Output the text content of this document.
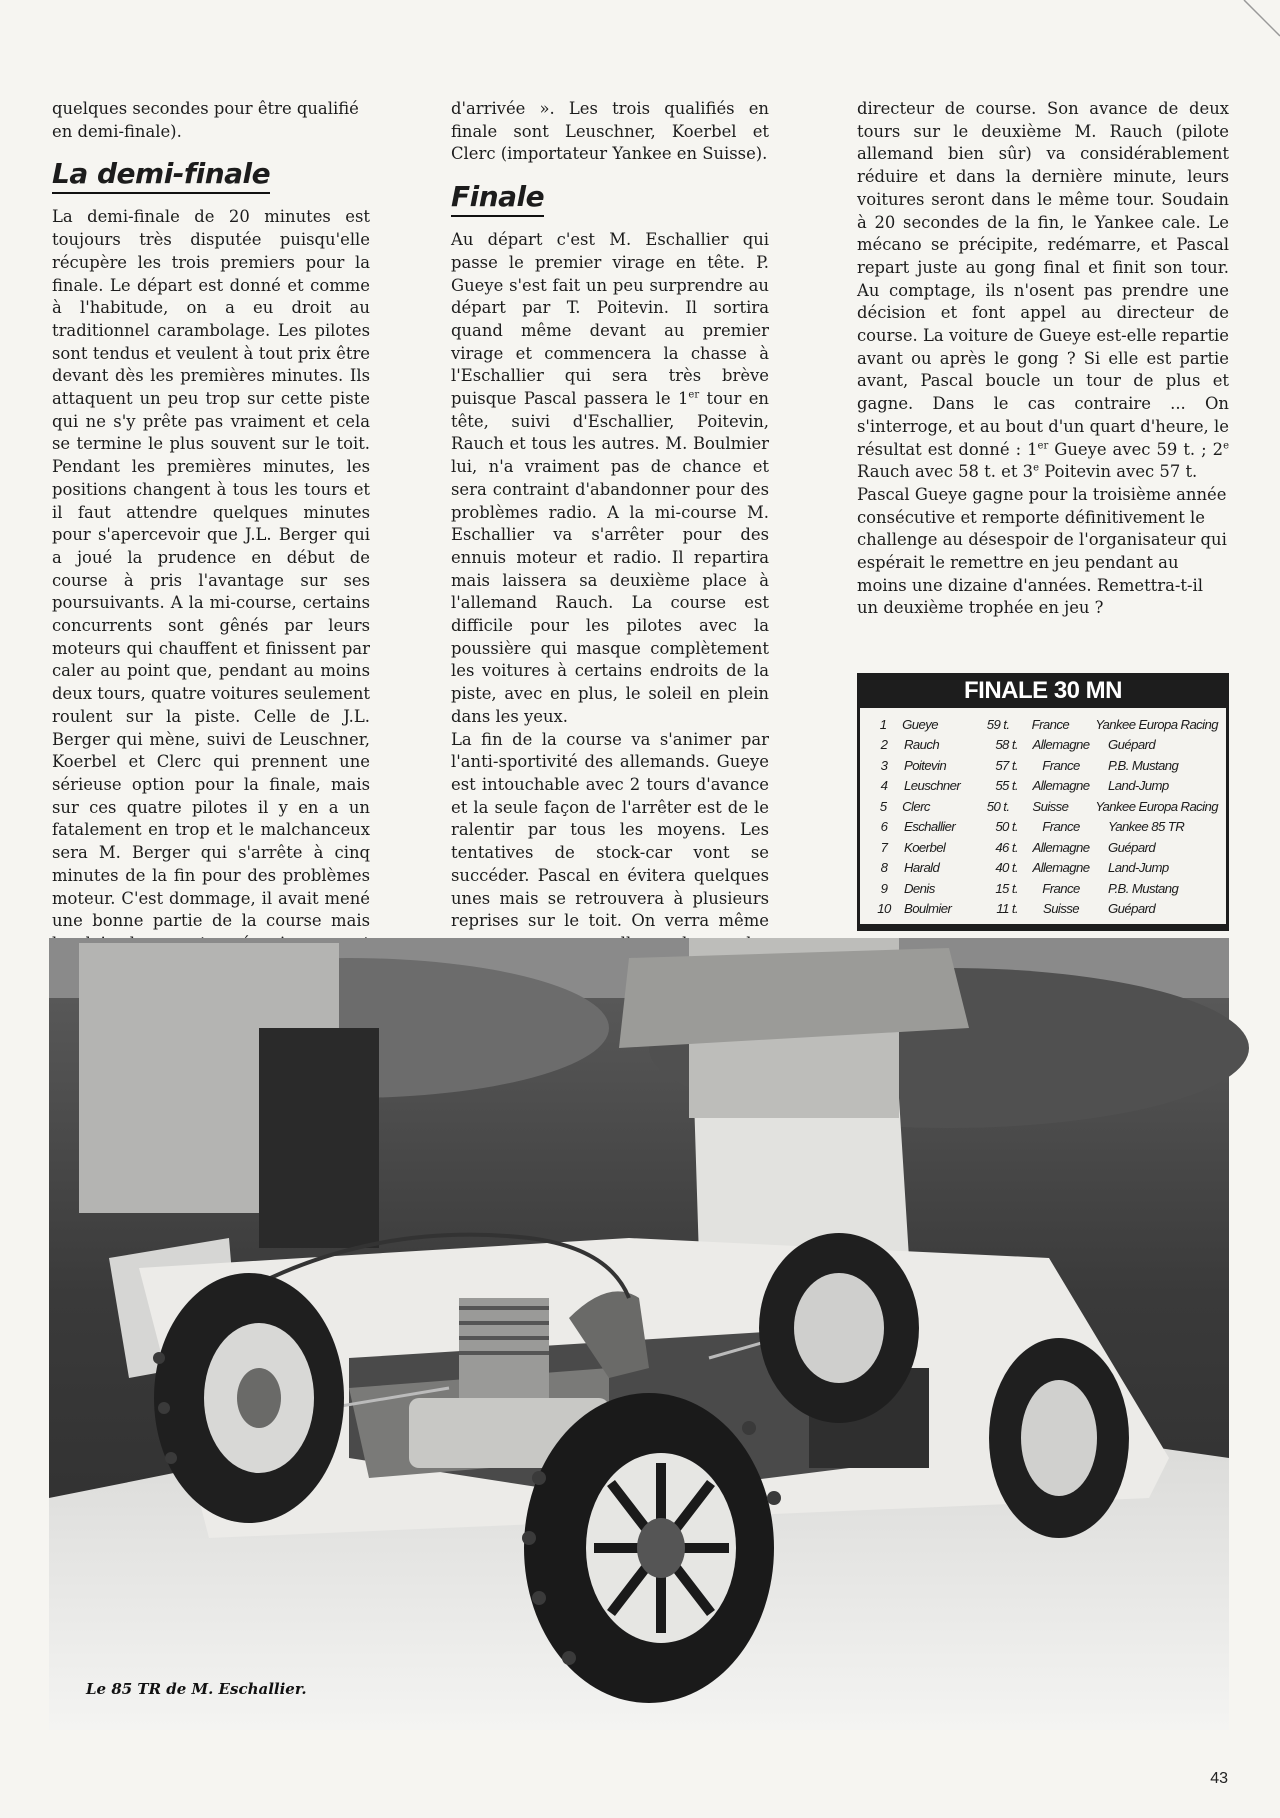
quelques secondes pour être qualifié en demi-finale).

La demi-finale

La demi-finale de 20 minutes est toujours très disputée puisqu'elle récupère les trois premiers pour la finale. Le départ est donné et comme à l'habitude, on a eu droit au traditionnel carambolage. Les pilotes sont tendus et veulent à tout prix être devant dès les premières minutes. Ils attaquent un peu trop sur cette piste qui ne s'y prête pas vraiment et cela se termine le plus souvent sur le toit. Pendant les premières minutes, les positions changent à tous les tours et il faut attendre quelques minutes pour s'apercevoir que J.L. Berger qui a joué la prudence en début de course à pris l'avantage sur ses poursuivants. A la mi-course, certains concurrents sont gênés par leurs moteurs qui chauffent et finissent par caler au point que, pendant au moins deux tours, quatre voitures seulement roulent sur la piste. Celle de J.L. Berger qui mène, suivi de Leuschner, Koerbel et Clerc qui prennent une sérieuse option pour la finale, mais sur ces quatre pilotes il y en a un fatalement en trop et le malchanceux sera M. Berger qui s'arrête à cinq minutes de la fin pour des problèmes moteur. C'est dommage, il avait mené une bonne partie de la course mais

d'arrivée ». Les trois qualifiés en finale sont Leuschner, Koerbel et Clerc (importateur Yankee en Suisse).

Finale

Au départ c'est M. Eschallier qui passe le premier virage en tête. P. Gueye s'est fait un peu surprendre au départ par T. Poitevin. Il sortira quand même devant au premier virage et commencera la chasse à l'Eschallier qui sera très brève puisque Pascal passera le 1er tour en tête, suivi d'Eschallier, Poitevin, Rauch et tous les autres. M. Boulmier lui, n'a vraiment pas de chance et sera contraint d'abandonner pour des problèmes radio. A la mi-course M. Eschallier va s'arrêter pour des ennuis moteur et radio. Il repartira mais laissera sa deuxième place à l'allemand Rauch. La course est difficile pour les pilotes avec la poussière qui masque complètement les voitures à certains endroits de la piste, avec en plus, le soleil en plein dans les yeux.

La fin de la course va s'animer par l'anti-sportivité des allemands. Gueye est intouchable avec 2 tours d'avance et la seule façon de l'arrêter est de le ralentir par tous les moyens. Les tentatives de stock-car vont se succéder. Pascal en évitera quelques unes mais se retrouvera à plusieurs reprises sur le toit. On verra même

directeur de course. Son avance de deux tours sur le deuxième M. Rauch (pilote allemand bien sûr) va considérablement réduire et dans la dernière minute, leurs voitures seront dans le même tour. Soudain à 20 secondes de la fin, le Yankee cale. Le mécano se précipite, redémarre, et Pascal repart juste au gong final et finit son tour. Au comptage, ils n'osent pas prendre une décision et font appel au directeur de course. La voiture de Gueye est-elle repartie avant ou après le gong ? Si elle est partie avant, Pascal boucle un tour de plus et gagne. Dans le cas contraire ... On s'interroge, et au bout d'un quart d'heure, le résultat est donné : 1er Gueye avec 59 t. ; 2e Rauch avec 58 t. et 3e Poitevin avec 57 t.

Pascal Gueye gagne pour la troisième année consécutive et remporte définitivement le challenge au désespoir de l'organisateur qui espérait le remettre en jeu pendant au moins une dizaine d'années. Remettra-t-il un deuxième trophée en jeu ?

FINALE 30 MN
1	Gueye	59 t.	France	Yankee Europa Racing
2	Rauch	58 t.	Allemagne	Guépard
3	Poitevin	57 t.	France	P.B. Mustang
4	Leuschner	55 t.	Allemagne	Land-Jump
5	Clerc	50 t.	Suisse	Yankee Europa Racing
6	Eschallier	50 t.	France	Yankee 85 TR
7	Koerbel	46 t.	Allemagne	Guépard
8	Harald	40 t.	Allemagne	Land-Jump
9	Denis	15 t.	France	P.B. Mustang
10	Boulmier	11 t.	Suisse	Guépard
Le 85 TR de M. Eschallier.
43
